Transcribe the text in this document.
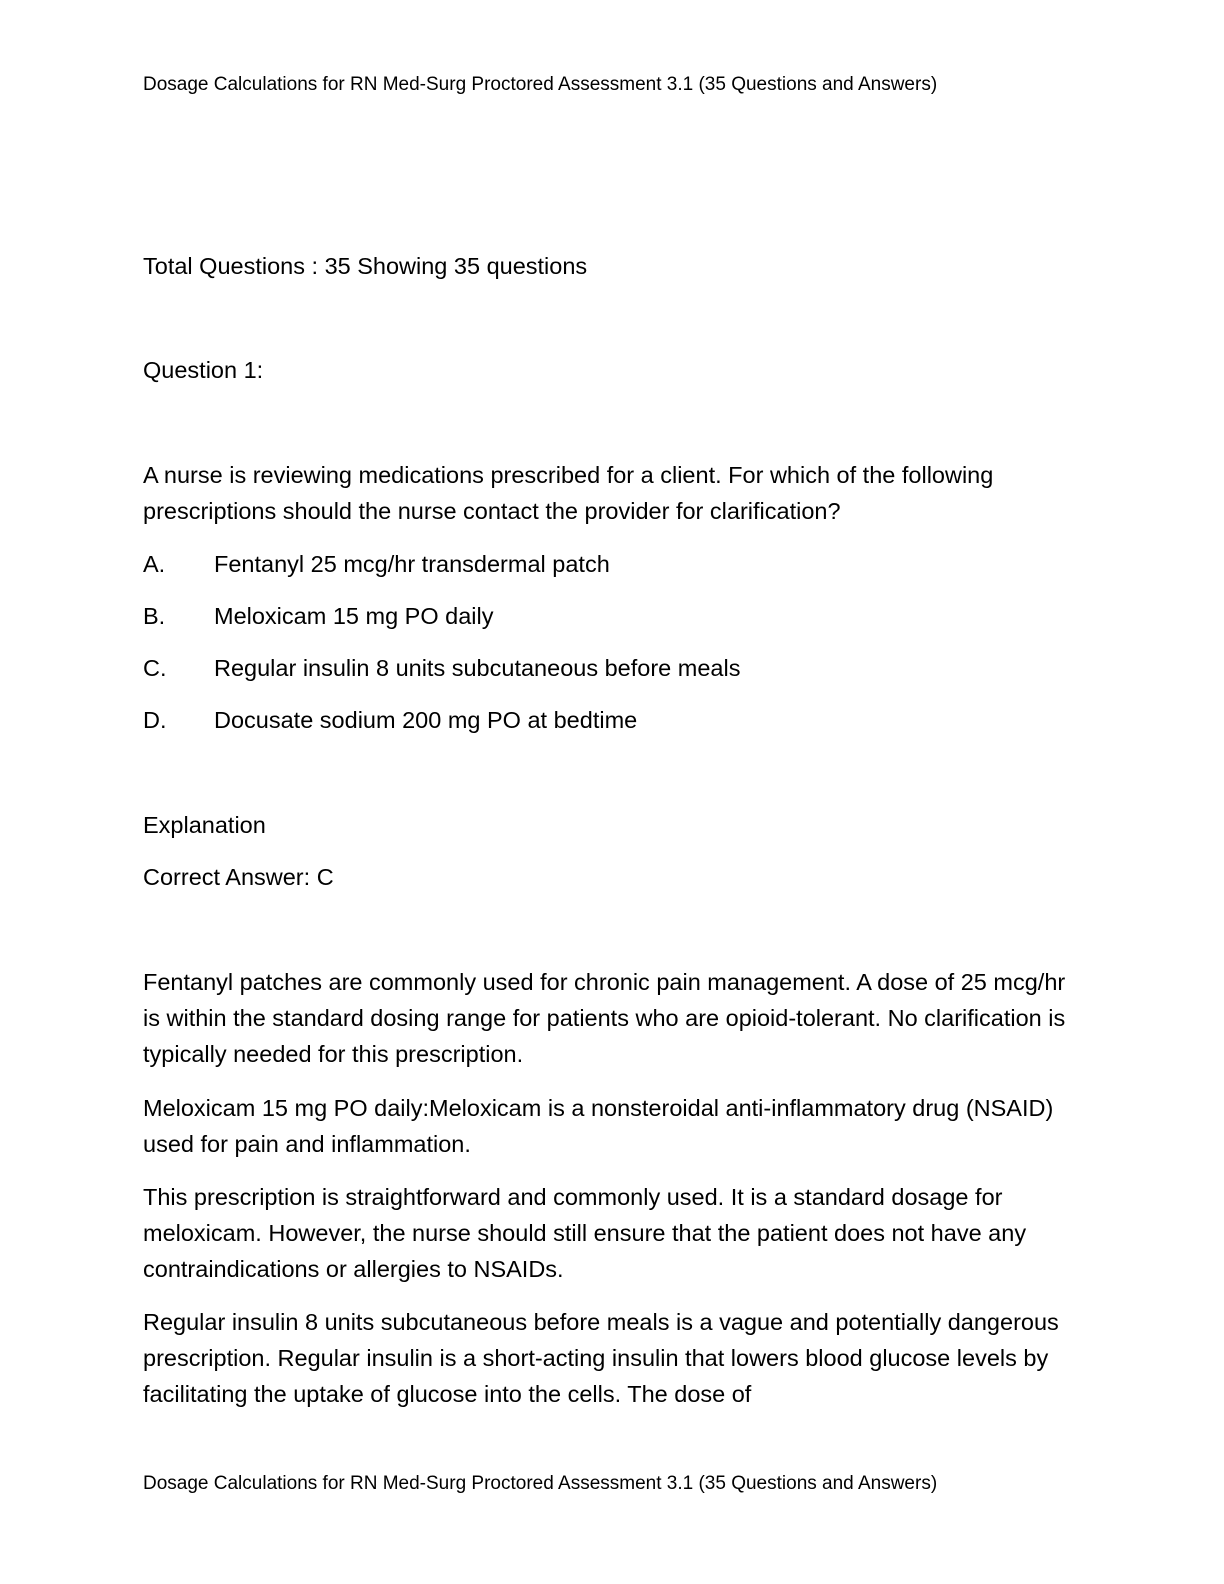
Dosage Calculations for RN Med-Surg Proctored Assessment 3.1 (35 Questions and Answers)
Total Questions : 35 Showing 35 questions
Question 1:
A nurse is reviewing medications prescribed for a client. For which of the following prescriptions should the nurse contact the provider for clarification?
A. Fentanyl 25 mcg/hr transdermal patch
B. Meloxicam 15 mg PO daily
C. Regular insulin 8 units subcutaneous before meals
D. Docusate sodium 200 mg PO at bedtime
Explanation
Correct Answer: C
Fentanyl patches are commonly used for chronic pain management. A dose of 25 mcg/hr is within the standard dosing range for patients who are opioid-tolerant. No clarification is typically needed for this prescription.
Meloxicam 15 mg PO daily:Meloxicam is a nonsteroidal anti-inflammatory drug (NSAID) used for pain and inflammation.
This prescription is straightforward and commonly used. It is a standard dosage for meloxicam. However, the nurse should still ensure that the patient does not have any contraindications or allergies to NSAIDs.
Regular insulin 8 units subcutaneous before meals is a vague and potentially dangerous prescription. Regular insulin is a short-acting insulin that lowers blood glucose levels by facilitating the uptake of glucose into the cells. The dose of
Dosage Calculations for RN Med-Surg Proctored Assessment 3.1 (35 Questions and Answers)
